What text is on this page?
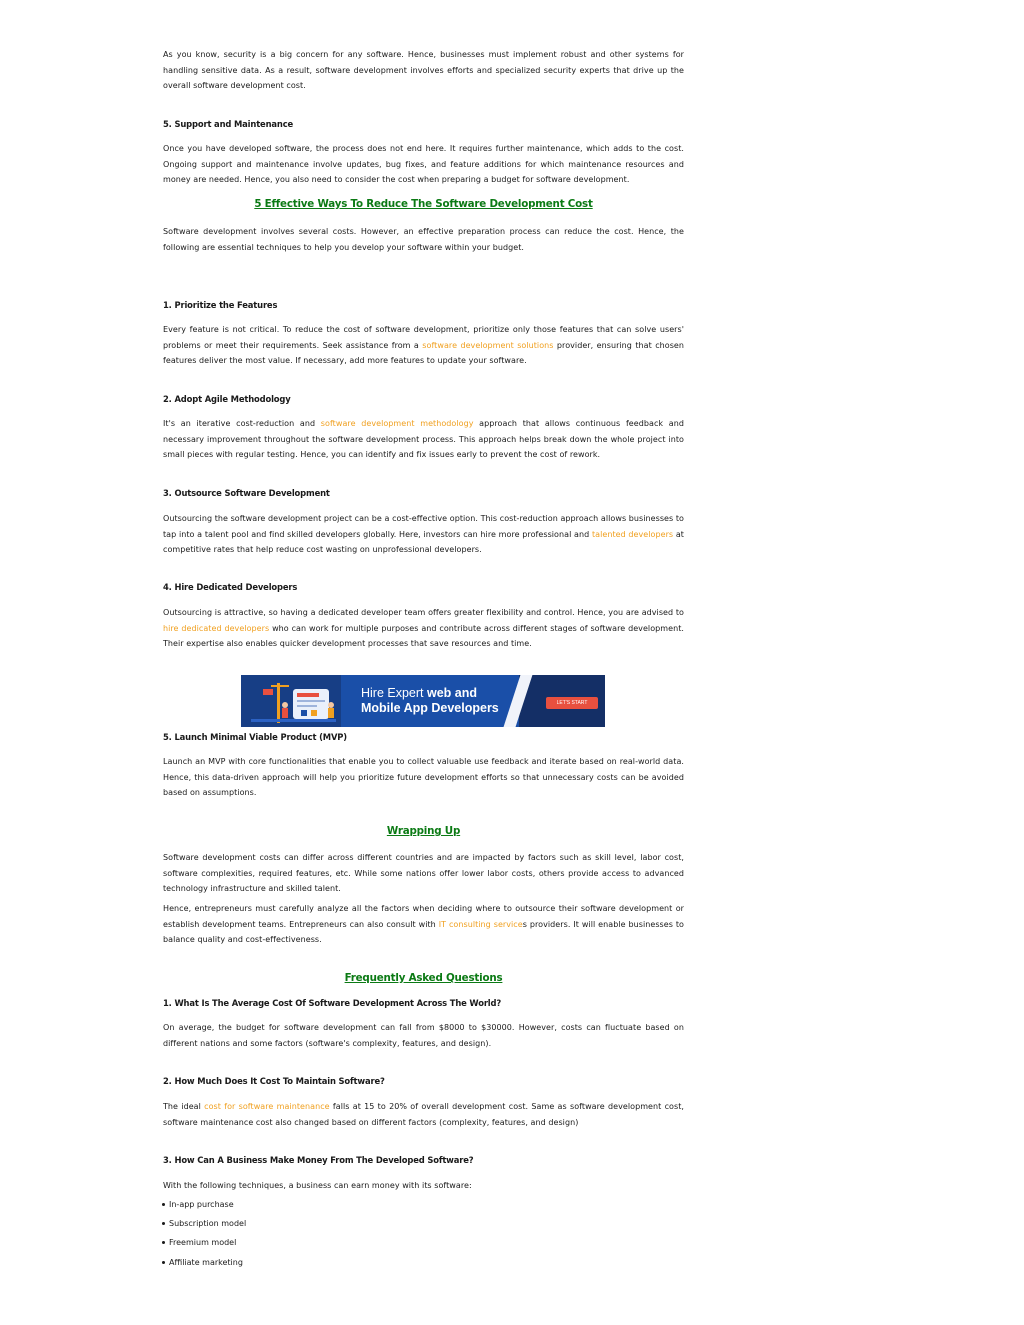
As you know, security is a big concern for any software. Hence, businesses must implement robust and other systems for handling sensitive data. As a result, software development involves efforts and specialized security experts that drive up the overall software development cost.

5. Support and Maintenance

Once you have developed software, the process does not end here. It requires further maintenance, which adds to the cost. Ongoing support and maintenance involve updates, bug fixes, and feature additions for which maintenance resources and money are needed. Hence, you also need to consider the cost when preparing a budget for software development.

5 Effective Ways To Reduce The Software Development Cost

Software development involves several costs. However, an effective preparation process can reduce the cost. Hence, the following are essential techniques to help you develop your software within your budget.

1. Prioritize the Features

Every feature is not critical. To reduce the cost of software development, prioritize only those features that can solve users' problems or meet their requirements. Seek assistance from a software development solutions provider, ensuring that chosen features deliver the most value. If necessary, add more features to update your software.

2. Adopt Agile Methodology

It's an iterative cost-reduction and software development methodology approach that allows continuous feedback and necessary improvement throughout the software development process. This approach helps break down the whole project into small pieces with regular testing. Hence, you can identify and fix issues early to prevent the cost of rework.

3. Outsource Software Development

Outsourcing the software development project can be a cost-effective option. This cost-reduction approach allows businesses to tap into a talent pool and find skilled developers globally. Here, investors can hire more professional and talented developers at competitive rates that help reduce cost wasting on unprofessional developers.

4. Hire Dedicated Developers

Outsourcing is attractive, so having a dedicated developer team offers greater flexibility and control. Hence, you are advised to hire dedicated developers who can work for multiple purposes and contribute across different stages of software development. Their expertise also enables quicker development processes that save resources and time.

Hire Expert web and
Mobile App Developers	LET'S START
5. Launch Minimal Viable Product (MVP)

Launch an MVP with core functionalities that enable you to collect valuable use feedback and iterate based on real-world data. Hence, this data-driven approach will help you prioritize future development efforts so that unnecessary costs can be avoided based on assumptions.

Wrapping Up

Software development costs can differ across different countries and are impacted by factors such as skill level, labor cost, software complexities, required features, etc. While some nations offer lower labor costs, others provide access to advanced technology infrastructure and skilled talent.

Hence, entrepreneurs must carefully analyze all the factors when deciding where to outsource their software development or establish development teams. Entrepreneurs can also consult with IT consulting services providers. It will enable businesses to balance quality and cost-effectiveness.

Frequently Asked Questions
1. What Is The Average Cost Of Software Development Across The World?

On average, the budget for software development can fall from $8000 to $30000. However, costs can fluctuate based on different nations and some factors (software's complexity, features, and design).

2. How Much Does It Cost To Maintain Software?

The ideal cost for software maintenance falls at 15 to 20% of overall development cost. Same as software development cost, software maintenance cost also changed based on different factors (complexity, features, and design)

3. How Can A Business Make Money From The Developed Software?

With the following techniques, a business can earn money with its software:

In-app purchase
Subscription model
Freemium model
Affiliate marketing
